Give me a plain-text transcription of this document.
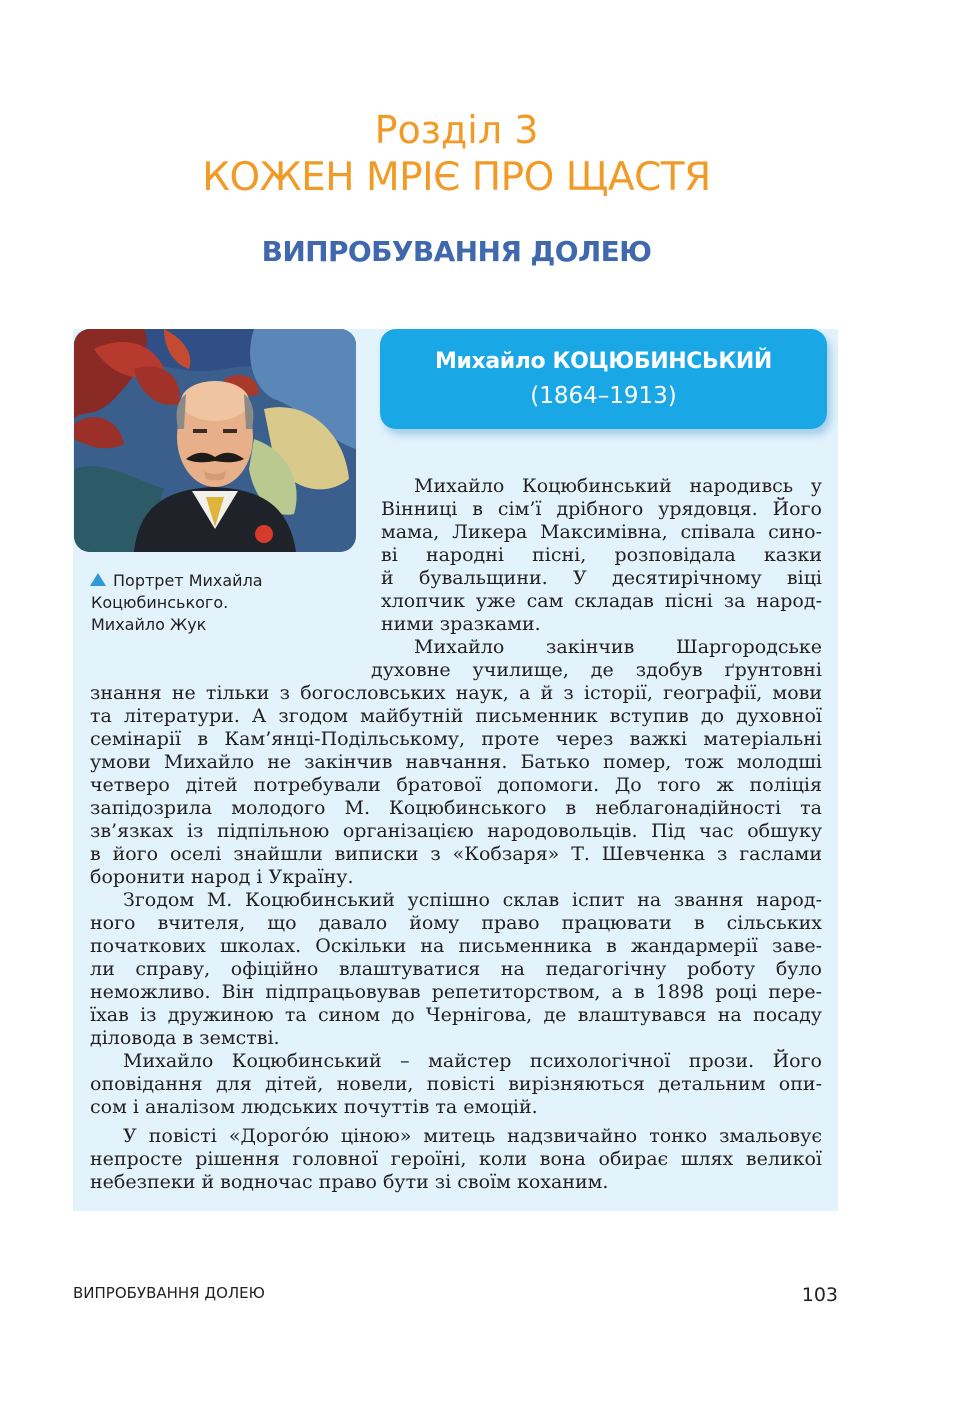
Розділ 3
КОЖЕН МРІЄ ПРО ЩАСТЯ
ВИПРОБУВАННЯ ДОЛЕЮ
Портрет Михайла
Коцюбинського.
Михайло Жук
Михайло КОЦЮБИНСЬКИЙ
(1864–1913)
Михайло Коцюбинський народивсь у
Вінниці в сім’ї дрібного урядовця. Його
мама, Ликера Максимівна, співала сино-
ві народні пісні, розповідала казки
й бувальщини. У десятирічному віці
хлопчик уже сам складав пісні за народ-
ними зразками.
Михайло закінчив Шаргородське
духовне училище, де здобув ґрунтовні
знання не тільки з богословських наук, а й з історії, географії, мови
та літератури. А згодом майбутній письменник вступив до духовної
семінарії в Кам’янці-Подільському, проте через важкі матеріальні
умови Михайло не закінчив навчання. Батько помер, тож молодші
четверо дітей потребували братової допомоги. До того ж поліція
запідозрила молодого М. Коцюбинського в неблагонадійності та
зв’язках із підпільною організацією народовольців. Під час обшуку
в його оселі знайшли виписки з «Кобзаря» Т. Шевченка з гаслами
боронити народ і Україну.
Згодом М. Коцюбинський успішно склав іспит на звання народ-
ного вчителя, що давало йому право працювати в сільських
початкових школах. Оскільки на письменника в жандармерії заве-
ли справу, офіційно влаштуватися на педагогічну роботу було
неможливо. Він підпрацьовував репетиторством, а в 1898 році пере-
їхав із дружиною та сином до Чернігова, де влаштувався на посаду
діловода в земстві.
Михайло Коцюбинський – майстер психологічної прози. Його
оповідання для дітей, новели, повісті вирізняються детальним опи-
сом і аналізом людських почуттів та емоцій.
У повісті «Дорогóю ціною» митець надзвичайно тонко змальовує
непросте рішення головної героїні, коли вона обирає шлях великої
небезпеки й водночас право бути зі своїм коханим.
ВИПРОБУВАННЯ ДОЛЕЮ	103
